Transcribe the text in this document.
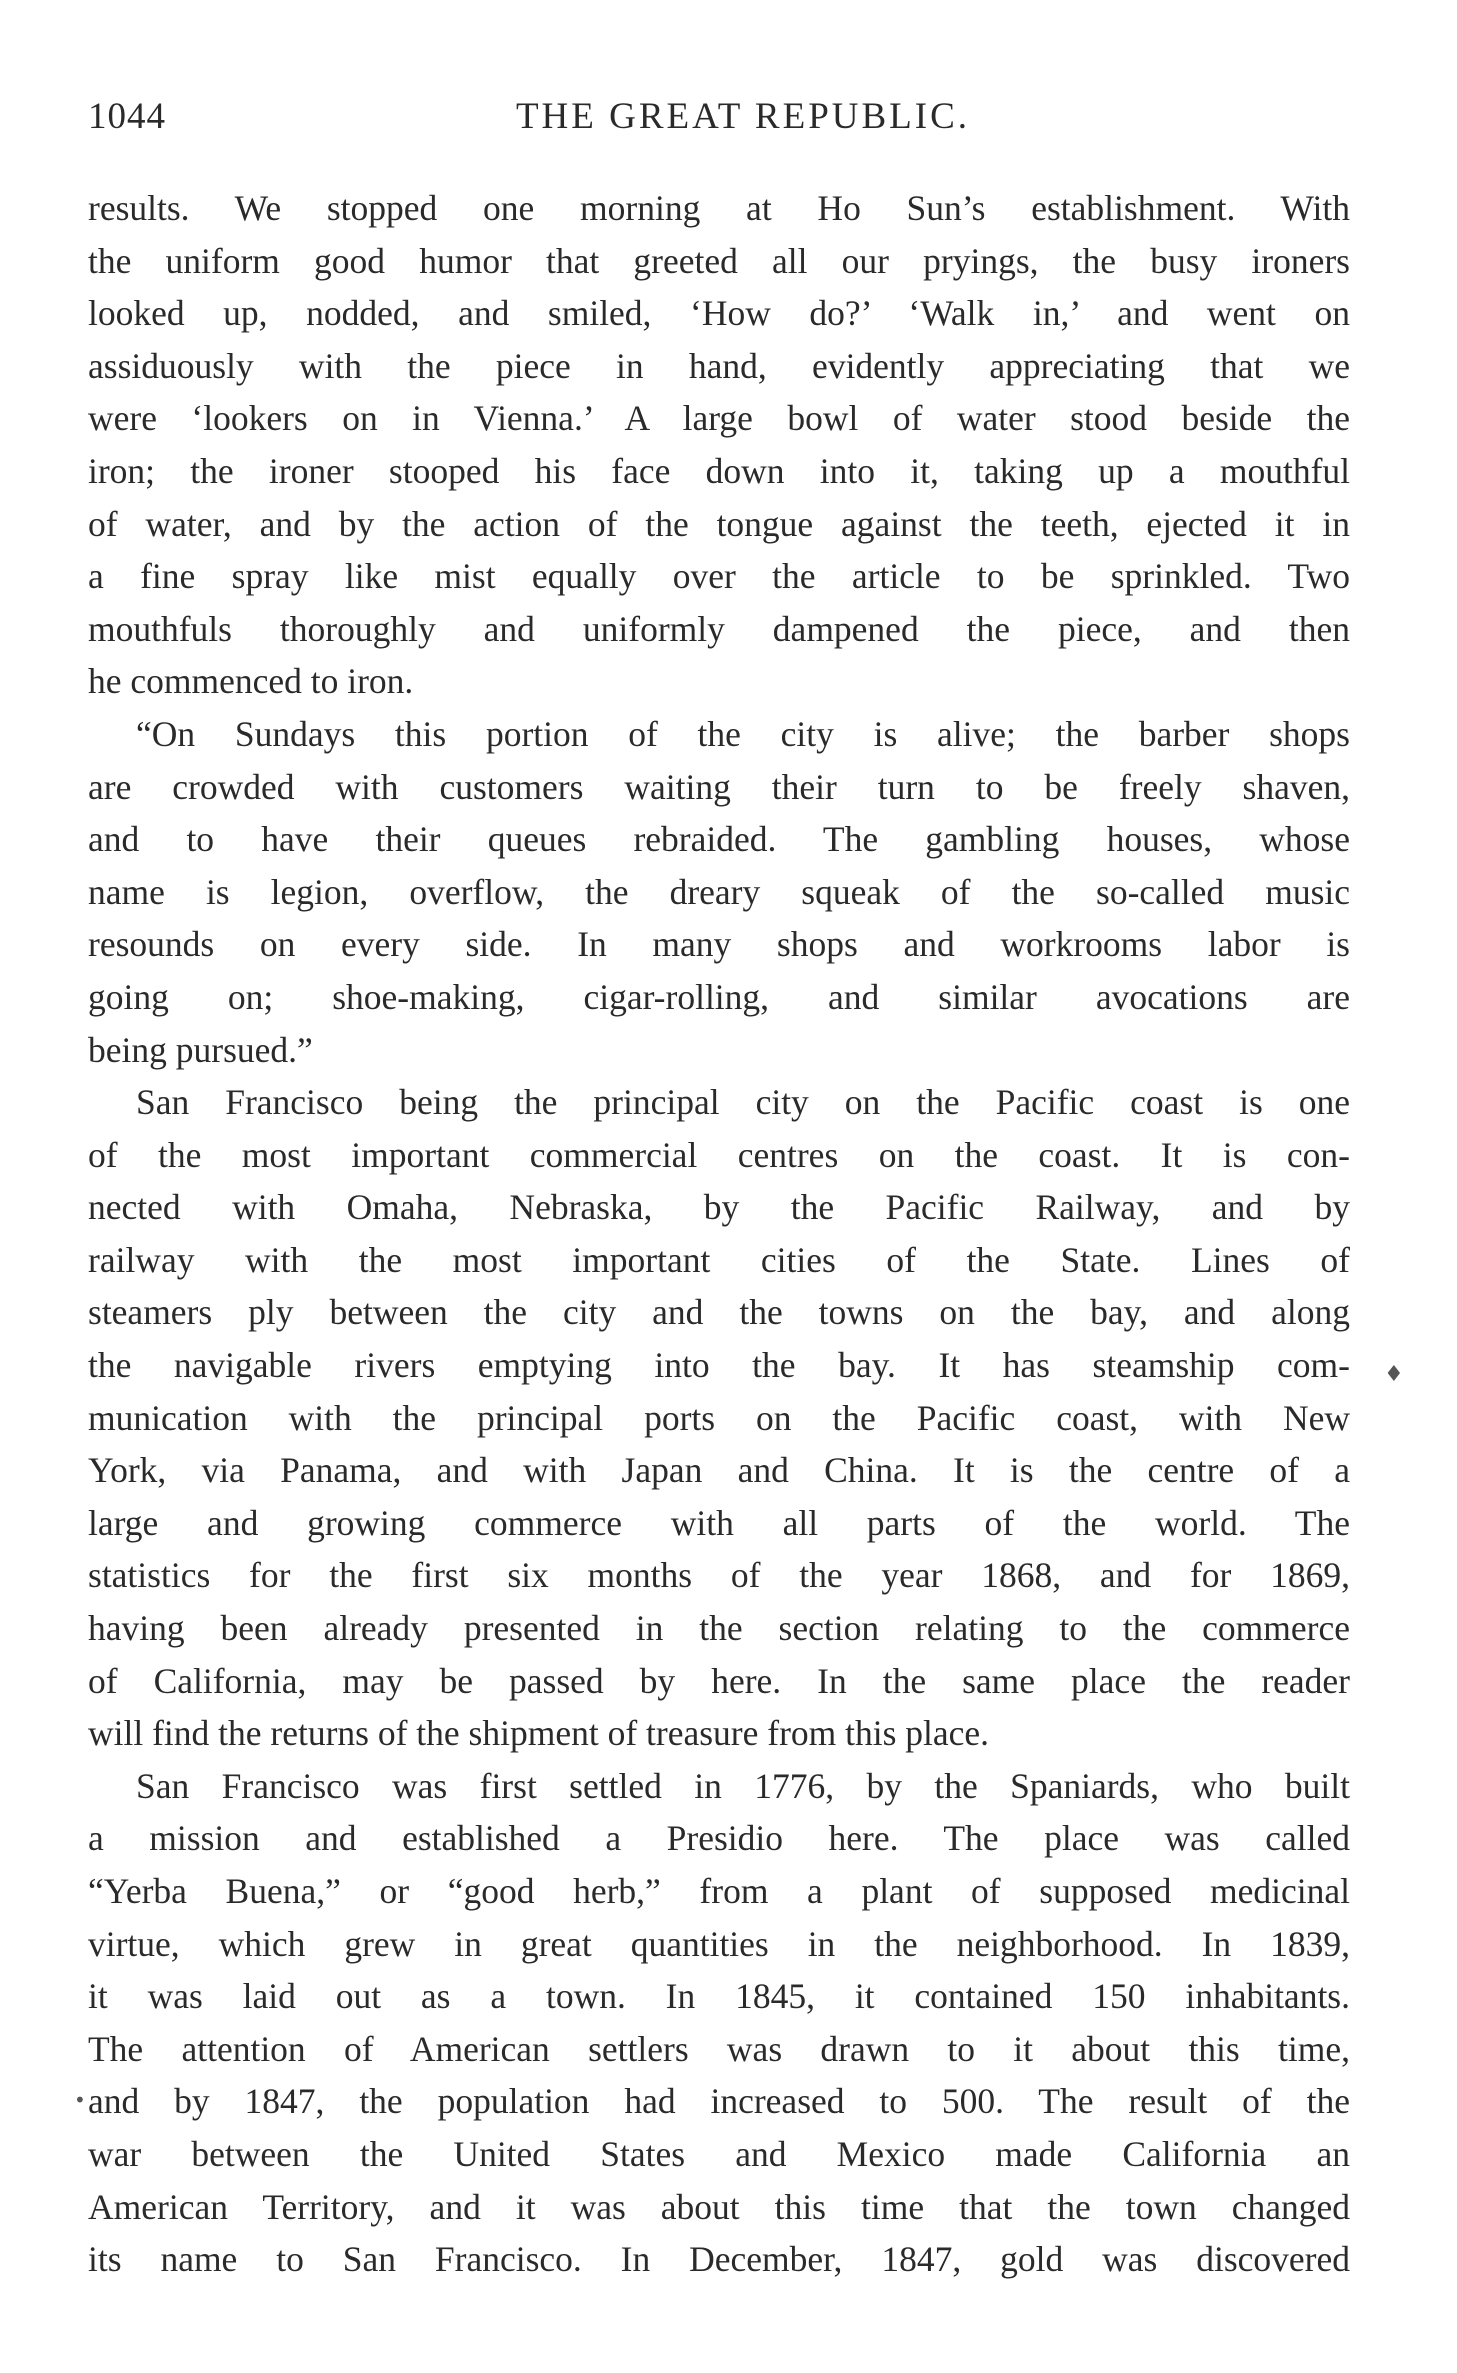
1044	THE GREAT REPUBLIC.
results. We stopped one morning at Ho Sun’s establishment. With
the uniform good humor that greeted all our pryings, the busy ironers
looked up, nodded, and smiled, ‘How do?’ ‘Walk in,’ and went on
assiduously with the piece in hand, evidently appreciating that we
were ‘lookers on in Vienna.’ A large bowl of water stood beside the
iron; the ironer stooped his face down into it, taking up a mouthful
of water, and by the action of the tongue against the teeth, ejected it in
a fine spray like mist equally over the article to be sprinkled. Two
mouthfuls thoroughly and uniformly dampened the piece, and then
he commenced to iron.
“On Sundays this portion of the city is alive; the barber shops
are crowded with customers waiting their turn to be freely shaven,
and to have their queues rebraided. The gambling houses, whose
name is legion, overflow, the dreary squeak of the so-called music
resounds on every side. In many shops and workrooms labor is
going on; shoe-making, cigar-rolling, and similar avocations are
being pursued.”
San Francisco being the principal city on the Pacific coast is one
of the most important commercial centres on the coast. It is con-
nected with Omaha, Nebraska, by the Pacific Railway, and by
railway with the most important cities of the State. Lines of
steamers ply between the city and the towns on the bay, and along
the navigable rivers emptying into the bay. It has steamship com-
munication with the principal ports on the Pacific coast, with New
York, via Panama, and with Japan and China. It is the centre of a
large and growing commerce with all parts of the world. The
statistics for the first six months of the year 1868, and for 1869,
having been already presented in the section relating to the commerce
of California, may be passed by here. In the same place the reader
will find the returns of the shipment of treasure from this place.
San Francisco was first settled in 1776, by the Spaniards, who built
a mission and established a Presidio here. The place was called
“Yerba Buena,” or “good herb,” from a plant of supposed medicinal
virtue, which grew in great quantities in the neighborhood. In 1839,
it was laid out as a town. In 1845, it contained 150 inhabitants.
The attention of American settlers was drawn to it about this time,
and by 1847, the population had increased to 500. The result of the
war between the United States and Mexico made California an
American Territory, and it was about this time that the town changed
its name to San Francisco. In December, 1847, gold was discovered
♦
•
